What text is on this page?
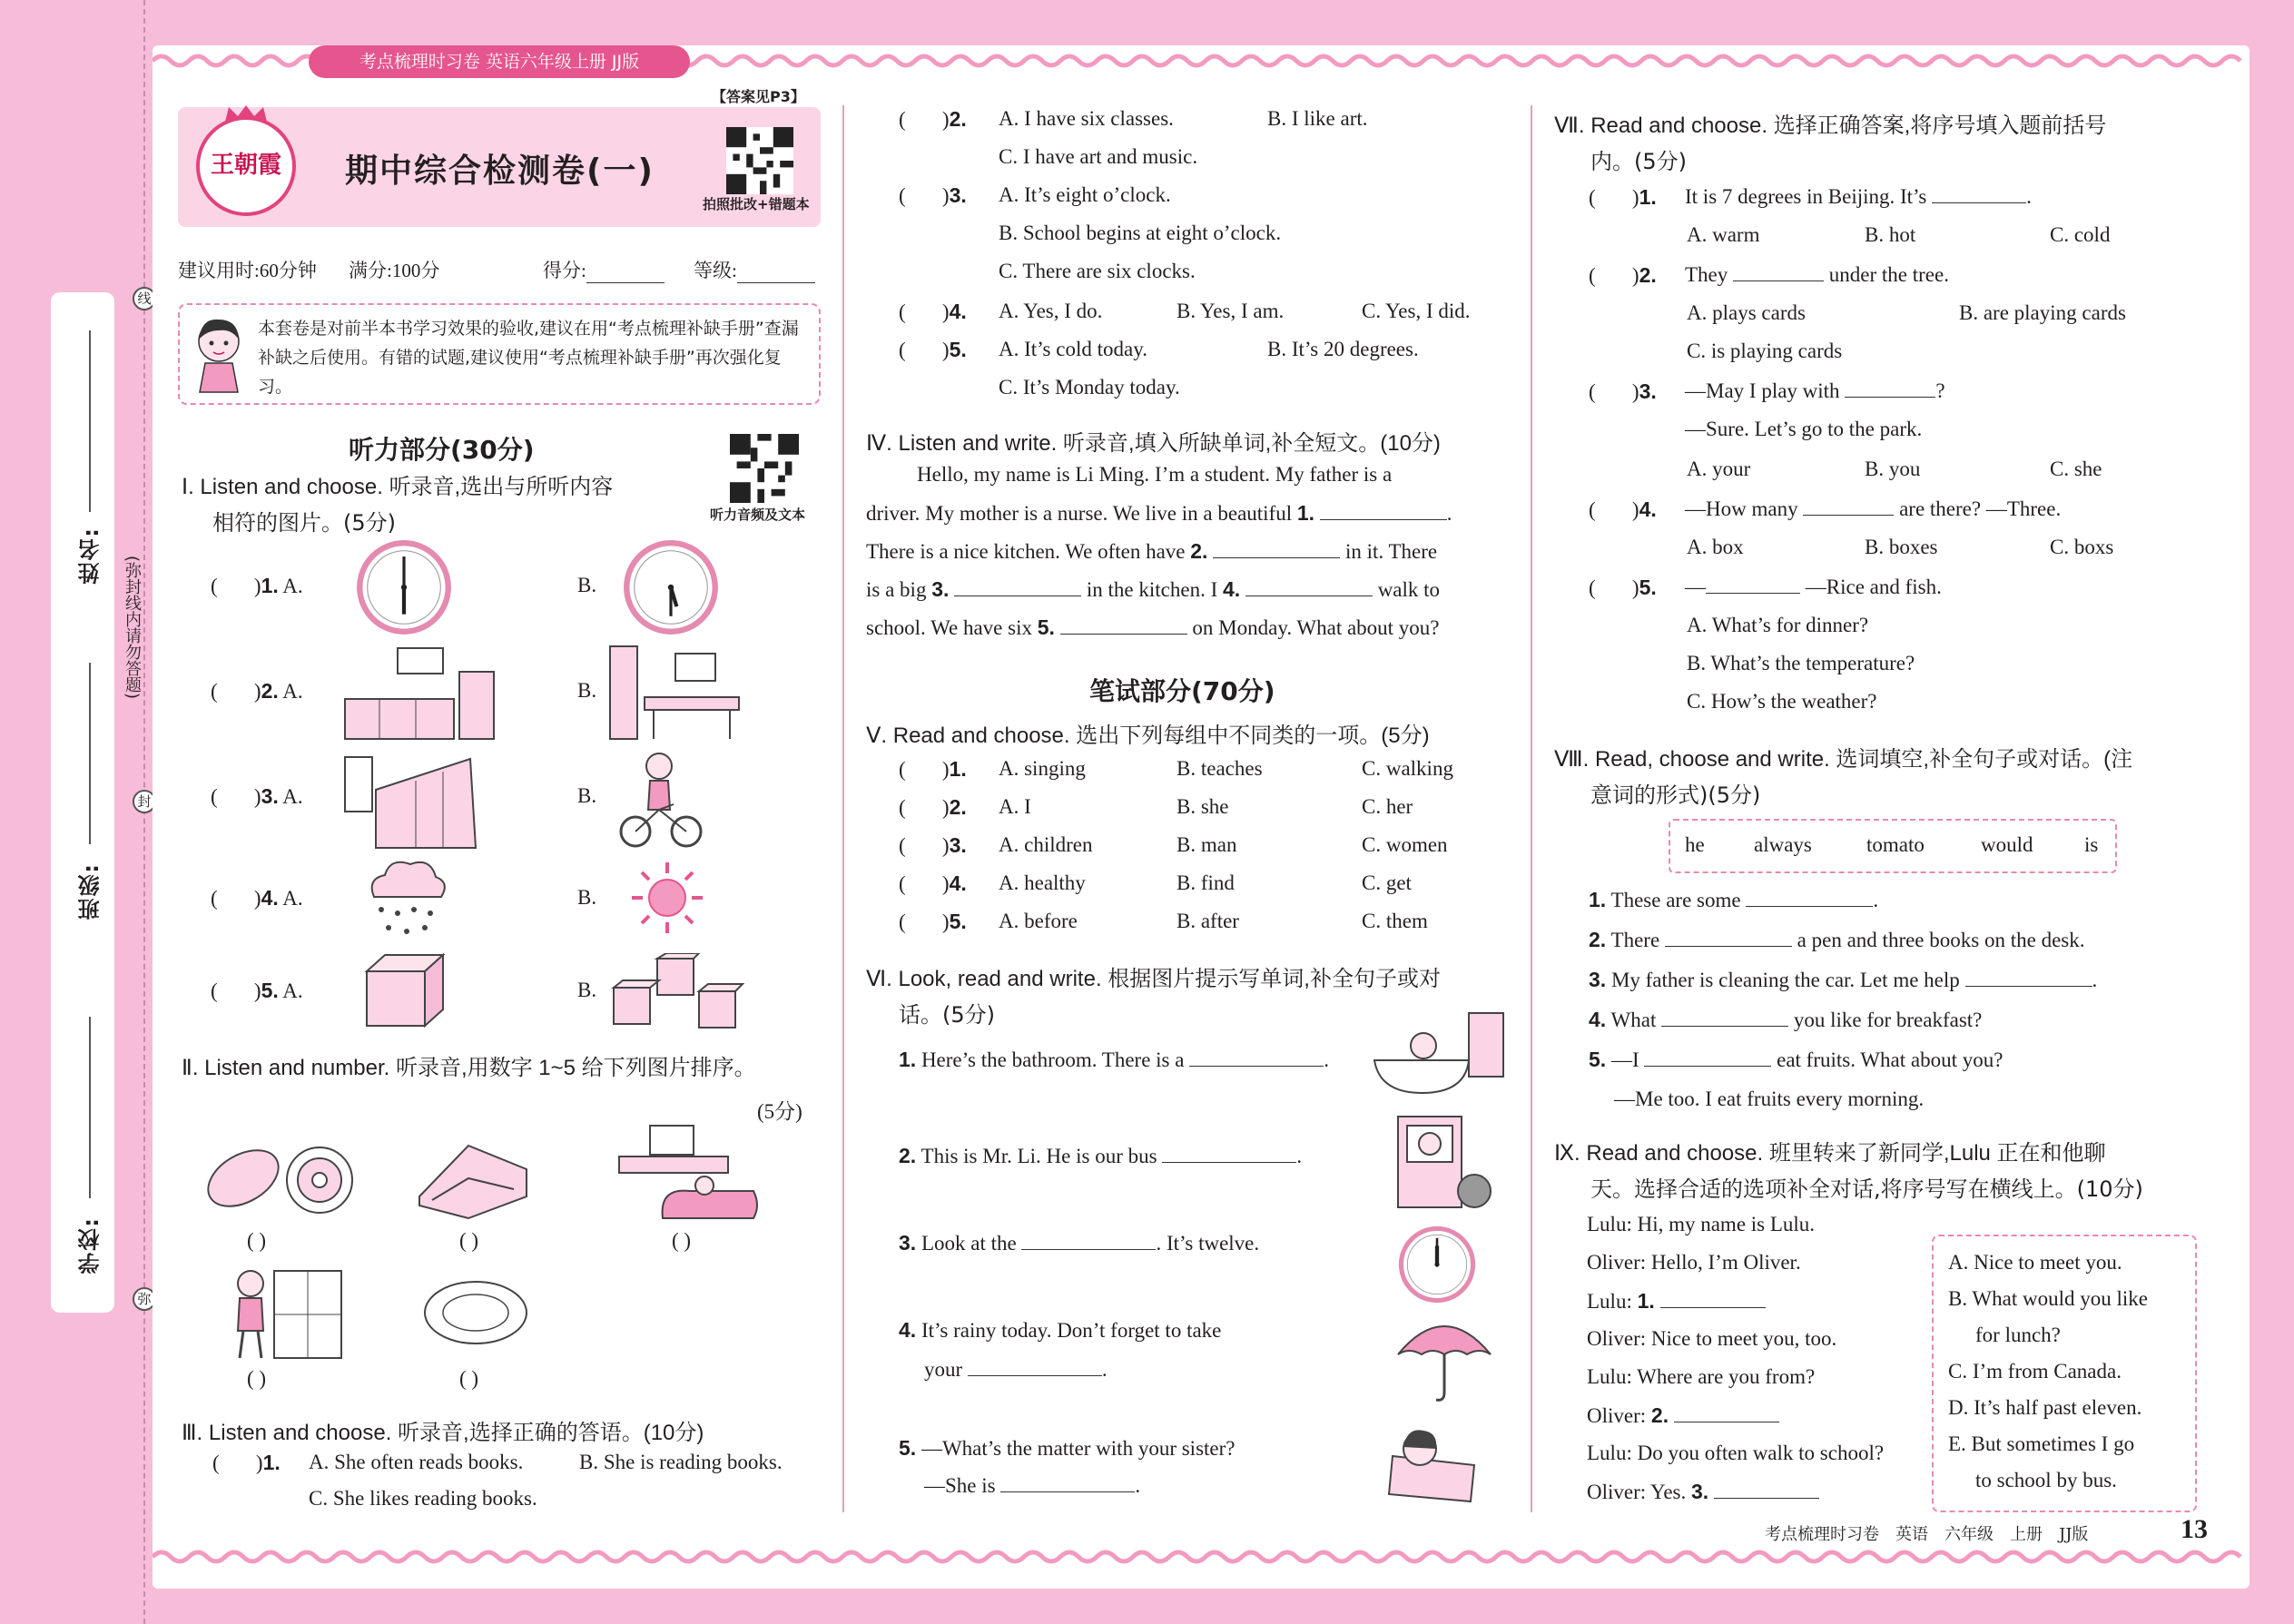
线
封
弥
姓名:
班级:
学校:
(弥封线内请勿答题)
考点梳理时习卷 英语六年级上册 JJ版
王朝霞	期中综合检测卷(一)
【答案见P3】
拍照批改+错题本
建议用时:60分钟 满分:100分	得分:	等级:
本套卷是对前半本书学习效果的验收,建议在用“考点梳理补缺手册”查漏补缺之后使用。有错的试题,建议使用“考点梳理补缺手册”再次强化复习。
听力部分(30分)
听力音频及文本
Ⅰ. Listen and choose. 听录音,选出与所听内容
相符的图片。(5分)
(       )1. A.	B.
(       )2. A.	B.
(       )3. A.	B.
(       )4. A.	B.
(       )5. A.	B.
Ⅱ. Listen and number. 听录音,用数字 1~5 给下列图片排序。
(5分)
( )	( )	( )
( )	( )
Ⅲ. Listen and choose. 听录音,选择正确的答语。(10分)
(       )1. A. She often reads books.	B. She is reading books.
C. She likes reading books.
(       )2. A. I have six classes.	B. I like art.
C. I have art and music.
(       )3. A. It’s eight o’clock.
B. School begins at eight o’clock.
C. There are six clocks.
(       )4. A. Yes, I do.	B. Yes, I am.	C. Yes, I did.
(       )5. A. It’s cold today.	B. It’s 20 degrees.
C. It’s Monday today.
Ⅳ. Listen and write. 听录音,填入所缺单词,补全短文。(10分)
Hello, my name is Li Ming. I’m a student. My father is a
driver. My mother is a nurse. We live in a beautiful 1.	.
There is a nice kitchen. We often have 2.	in it. There
is a big 3.	in the kitchen. I 4.	walk to
school. We have six 5.	on Monday. What about you?
笔试部分(70分)
Ⅴ. Read and choose. 选出下列每组中不同类的一项。(5分)
(       )1. A. singing	B. teaches	C. walking
(       )2. A. I	B. she	C. her
(       )3. A. children	B. man	C. women
(       )4. A. healthy	B. find	C. get
(       )5. A. before	B. after	C. them
Ⅵ. Look, read and write. 根据图片提示写单词,补全句子或对
话。(5分)
1. Here’s the bathroom. There is a	.
2. This is Mr. Li. He is our bus	.
3. Look at the	. It’s twelve.
4. It’s rainy today. Don’t forget to take
your	.
5. —What’s the matter with your sister?
—She is	.
Ⅶ. Read and choose. 选择正确答案,将序号填入题前括号
内。(5分)
(       )1. It is 7 degrees in Beijing. It’s	.
A. warm	B. hot	C. cold
(       )2. They	under the tree.
A. plays cards	B. are playing cards
C. is playing cards
(       )3. —May I play with	?
—Sure. Let’s go to the park.
A. your	B. you	C. she
(       )4. —How many	are there? —Three.
A. box	B. boxes	C. boxs
(       )5. —	—Rice and fish.
A. What’s for dinner?
B. What’s the temperature?
C. How’s the weather?
Ⅷ. Read, choose and write. 选词填空,补全句子或对话。(注
意词的形式)(5分)
he always	tomato	would is
1. These are some	.
2. There	a pen and three books on the desk.
3. My father is cleaning the car. Let me help	.
4. What	you like for breakfast?
5. —I	eat fruits. What about you?
—Me too. I eat fruits every morning.
Ⅸ. Read and choose. 班里转来了新同学,Lulu 正在和他聊
天。选择合适的选项补全对话,将序号写在横线上。(10分)
Lulu: Hi, my name is Lulu.
Oliver: Hello, I’m Oliver.
Lulu: 1.
Oliver: Nice to meet you, too.
Lulu: Where are you from?
Oliver: 2.
Lulu: Do you often walk to school?
Oliver: Yes. 3.
A. Nice to meet you.
B. What would you like
for lunch?
C. I’m from Canada.
D. It’s half past eleven.
E. But sometimes I go
to school by bus.
考点梳理时习卷　英语　六年级　上册　JJ版	13
